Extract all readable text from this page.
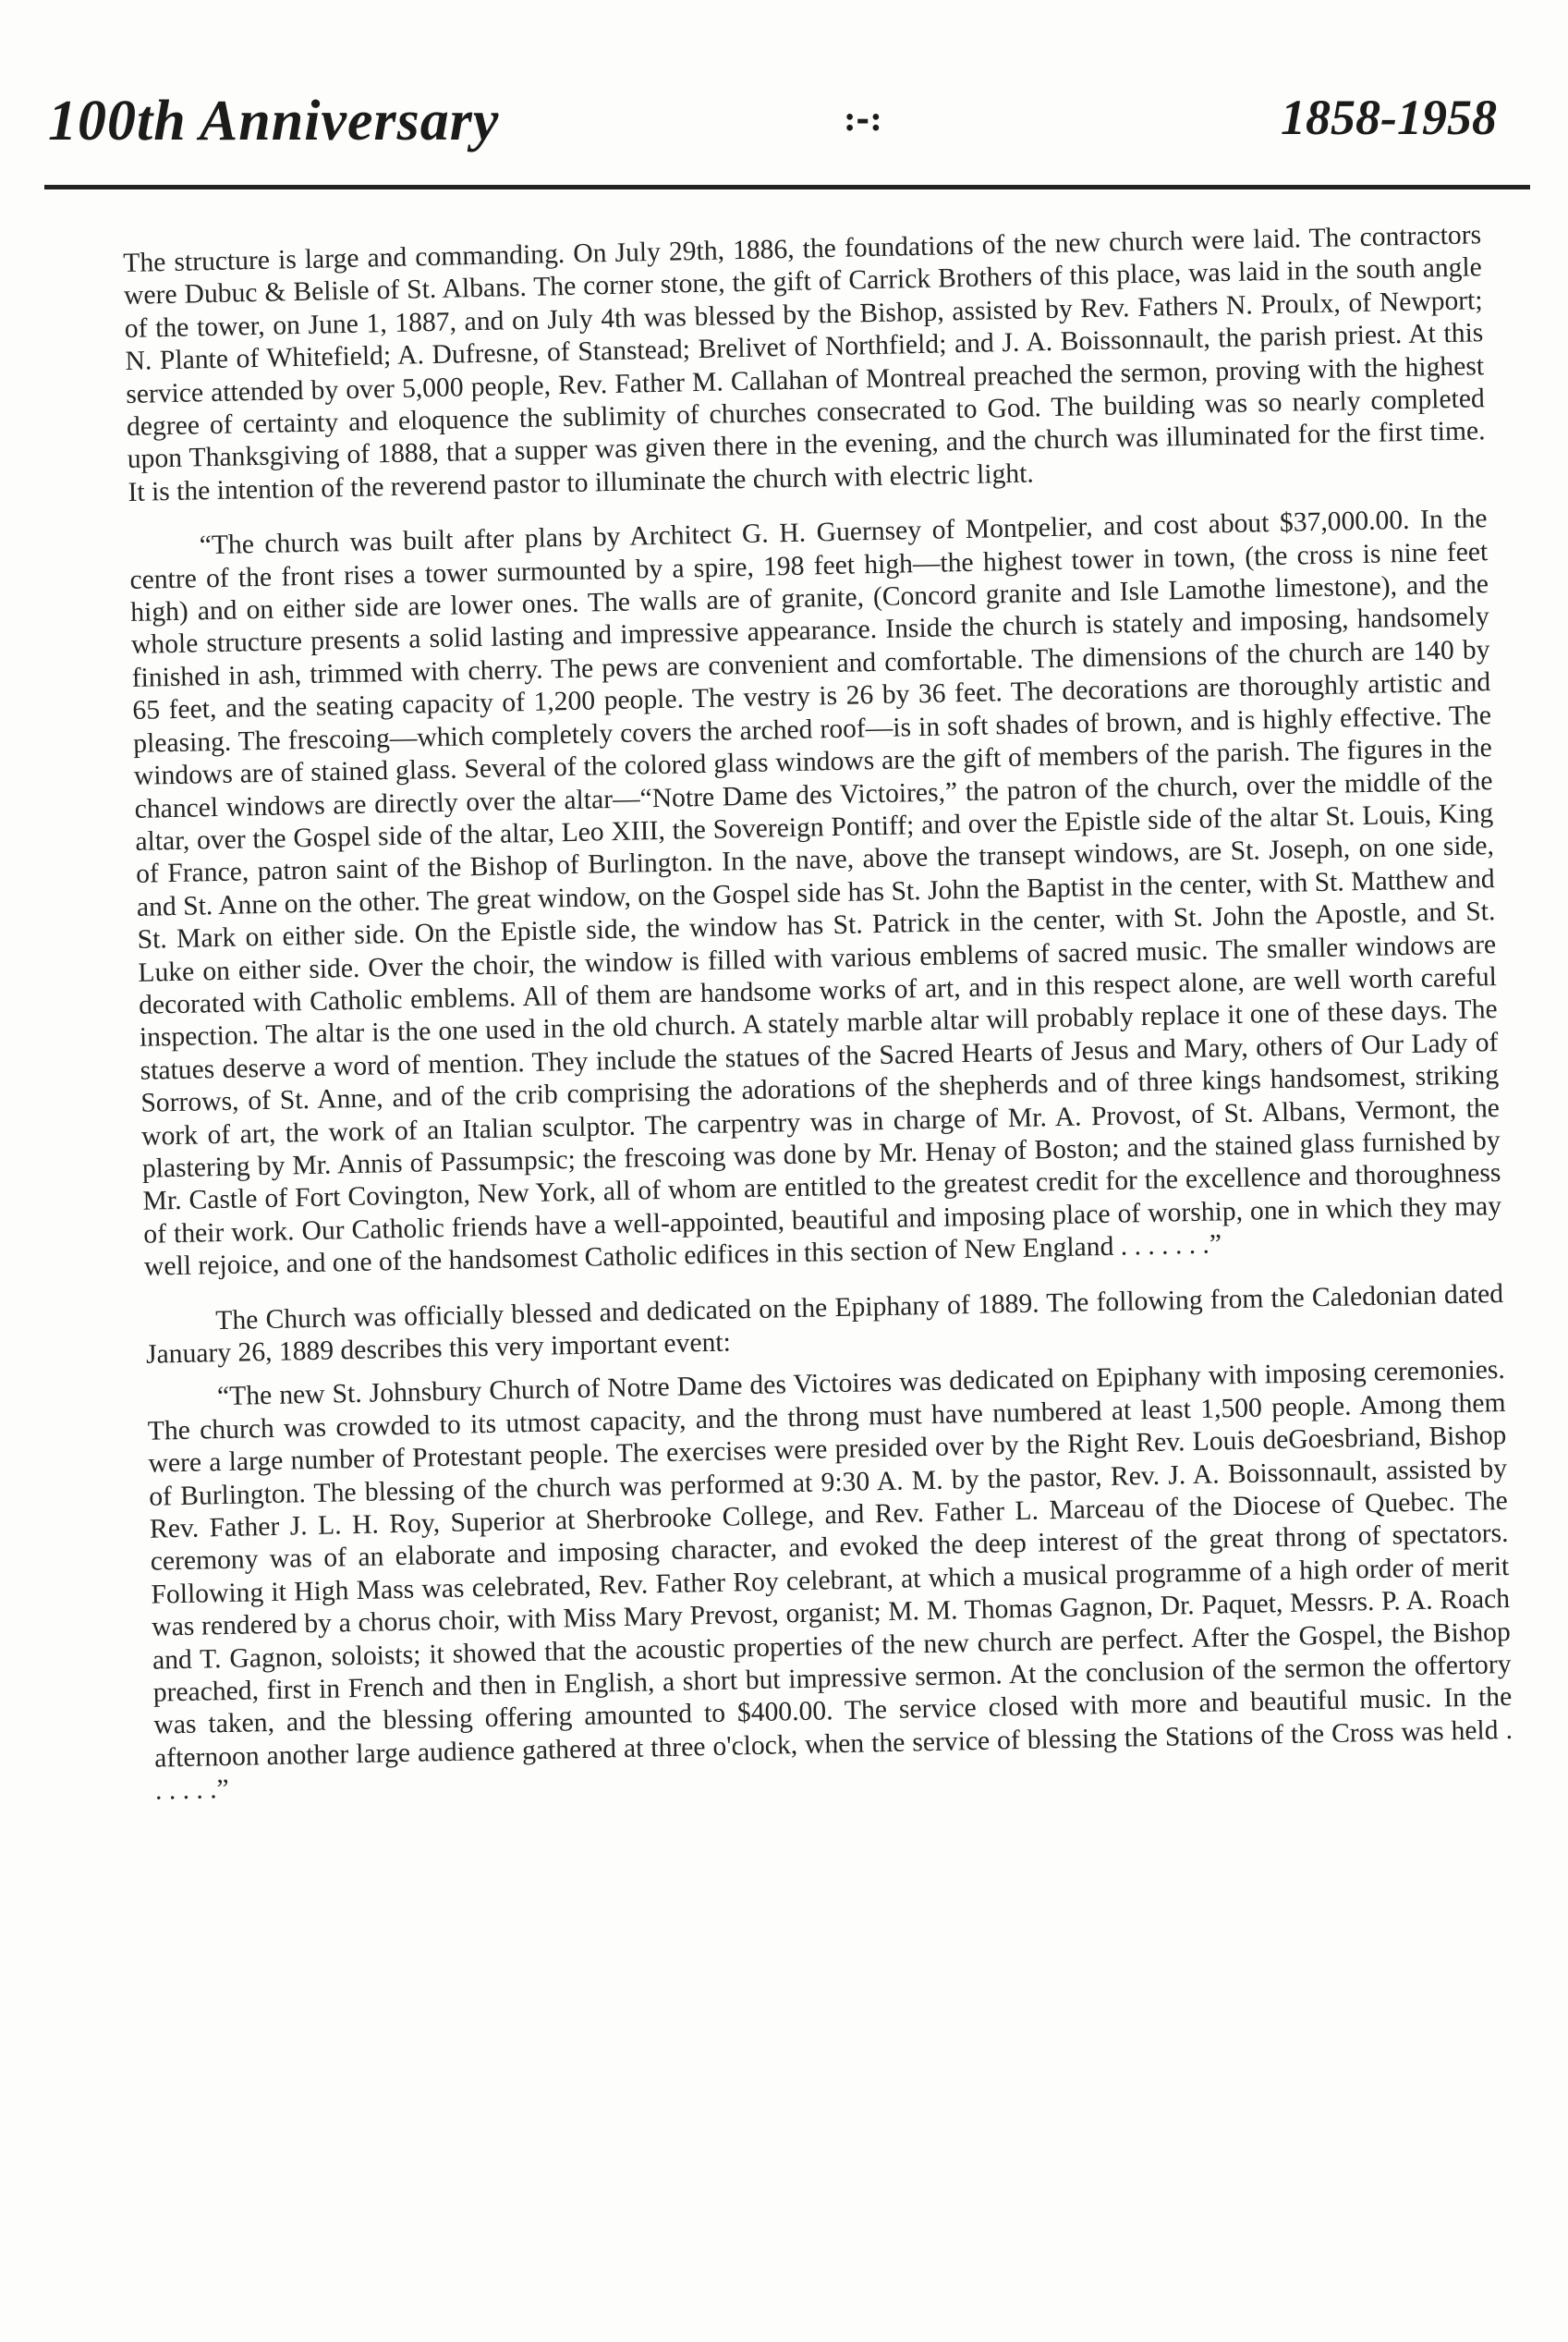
100th Anniversary	:-:	1858-1958

The structure is large and commanding. On July 29th, 1886, the foundations of the new church were laid. The contractors were Dubuc & Belisle of St. Albans. The corner stone, the gift of Carrick Brothers of this place, was laid in the south angle of the tower, on June 1, 1887, and on July 4th was blessed by the Bishop, assisted by Rev. Fathers N. Proulx, of Newport; N. Plante of Whitefield; A. Dufresne, of Stanstead; Brelivet of Northfield; and J. A. Boissonnault, the parish priest. At this service attended by over 5,000 people, Rev. Father M. Callahan of Montreal preached the sermon, proving with the highest degree of certainty and eloquence the sublimity of churches consecrated to God. The building was so nearly completed upon Thanksgiving of 1888, that a supper was given there in the evening, and the church was illuminated for the first time. It is the intention of the reverend pastor to illuminate the church with electric light.

“The church was built after plans by Architect G. H. Guernsey of Montpelier, and cost about $37,000.00. In the centre of the front rises a tower surmounted by a spire, 198 feet high—the highest tower in town, (the cross is nine feet high) and on either side are lower ones. The walls are of granite, (Concord granite and Isle Lamothe limestone), and the whole structure presents a solid lasting and impressive appearance. Inside the church is stately and imposing, handsomely finished in ash, trimmed with cherry. The pews are convenient and comfortable. The dimensions of the church are 140 by 65 feet, and the seating capacity of 1,200 people. The vestry is 26 by 36 feet. The decorations are thoroughly artistic and pleasing. The frescoing—which completely covers the arched roof—is in soft shades of brown, and is highly effective. The windows are of stained glass. Several of the colored glass windows are the gift of members of the parish. The figures in the chancel windows are directly over the altar—“Notre Dame des Victoires,” the patron of the church, over the middle of the altar, over the Gospel side of the altar, Leo XIII, the Sovereign Pontiff; and over the Epistle side of the altar St. Louis, King of France, patron saint of the Bishop of Burlington. In the nave, above the transept windows, are St. Joseph, on one side, and St. Anne on the other. The great window, on the Gospel side has St. John the Baptist in the center, with St. Matthew and St. Mark on either side. On the Epistle side, the window has St. Patrick in the center, with St. John the Apostle, and St. Luke on either side. Over the choir, the window is filled with various emblems of sacred music. The smaller windows are decorated with Catholic emblems. All of them are handsome works of art, and in this respect alone, are well worth careful inspection. The altar is the one used in the old church. A stately marble altar will probably replace it one of these days. The statues deserve a word of mention. They include the statues of the Sacred Hearts of Jesus and Mary, others of Our Lady of Sorrows, of St. Anne, and of the crib comprising the adorations of the shepherds and of three kings handsomest, striking work of art, the work of an Italian sculptor. The carpentry was in charge of Mr. A. Provost, of St. Albans, Vermont, the plastering by Mr. Annis of Passumpsic; the frescoing was done by Mr. Henay of Boston; and the stained glass furnished by Mr. Castle of Fort Covington, New York, all of whom are entitled to the greatest credit for the excellence and thoroughness of their work. Our Catholic friends have a well-appointed, beautiful and imposing place of worship, one in which they may well rejoice, and one of the handsomest Catholic edifices in this section of New England . . . . . . .”

The Church was officially blessed and dedicated on the Epiphany of 1889. The following from the Caledonian dated January 26, 1889 describes this very important event:

“The new St. Johnsbury Church of Notre Dame des Victoires was dedicated on Epiphany with imposing ceremonies. The church was crowded to its utmost capacity, and the throng must have numbered at least 1,500 people. Among them were a large number of Protestant people. The exercises were presided over by the Right Rev. Louis deGoesbriand, Bishop of Burlington. The blessing of the church was performed at 9:30 A. M. by the pastor, Rev. J. A. Boissonnault, assisted by Rev. Father J. L. H. Roy, Superior at Sherbrooke College, and Rev. Father L. Marceau of the Diocese of Quebec. The ceremony was of an elaborate and imposing character, and evoked the deep interest of the great throng of spectators. Following it High Mass was celebrated, Rev. Father Roy celebrant, at which a musical programme of a high order of merit was rendered by a chorus choir, with Miss Mary Prevost, organist; M. M. Thomas Gagnon, Dr. Paquet, Messrs. P. A. Roach and T. Gagnon, soloists; it showed that the acoustic properties of the new church are perfect. After the Gospel, the Bishop preached, first in French and then in English, a short but impressive sermon. At the conclusion of the sermon the offertory was taken, and the blessing offering amounted to $400.00. The service closed with more and beautiful music. In the afternoon another large audience gathered at three o'clock, when the service of blessing the Stations of the Cross was held . . . . . .”
